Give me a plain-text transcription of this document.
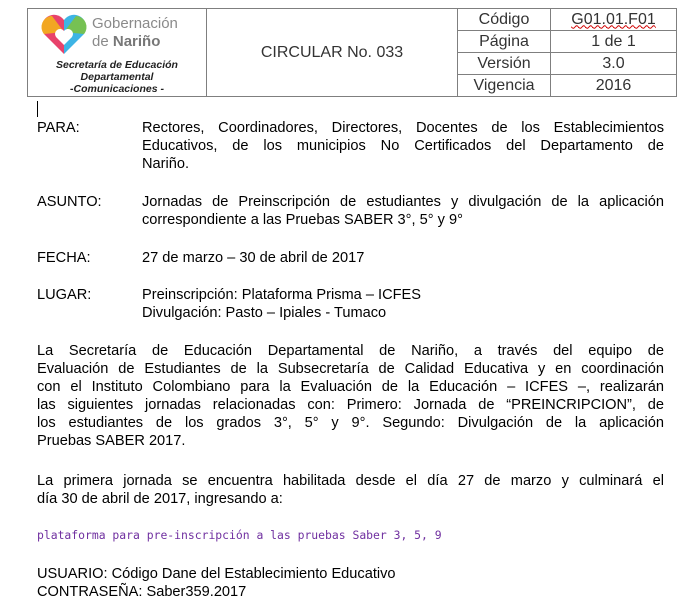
Gobernación
de Nariño
Secretaría de Educación
Departamental
-Comunicaciones -	CIRCULAR No. 033	Código	G01.01.F01
		Página	1 de 1
		Versión	3.0
		Vigencia	2016
PARA:	Rectores, Coordinadores, Directores, Docentes de los Establecimientos
Educativos, de los municipios No Certificados del Departamento de
Nariño.
ASUNTO:	Jornadas de Preinscripción de estudiantes y divulgación de la aplicación
correspondiente a las Pruebas SABER 3°, 5° y 9°
FECHA:	27 de marzo – 30 de abril de 2017
LUGAR:	Preinscripción: Plataforma Prisma – ICFES
Divulgación: Pasto – Ipiales - Tumaco
La Secretaría de Educación Departamental de Nariño, a través del equipo de
Evaluación de Estudiantes de la Subsecretaría de Calidad Educativa y en coordinación
con el Instituto Colombiano para la Evaluación de la Educación – ICFES –, realizarán
las siguientes jornadas relacionadas con: Primero: Jornada de “PREINCRIPCION”, de
los estudiantes de los grados 3°, 5° y 9°. Segundo: Divulgación de la aplicación
Pruebas SABER 2017.
La primera jornada se encuentra habilitada desde el día 27 de marzo y culminará el
día 30 de abril de 2017, ingresando a:
plataforma para pre-inscripción a las pruebas Saber 3, 5, 9
USUARIO: Código Dane del Establecimiento Educativo
CONTRASEÑA: Saber359.2017
